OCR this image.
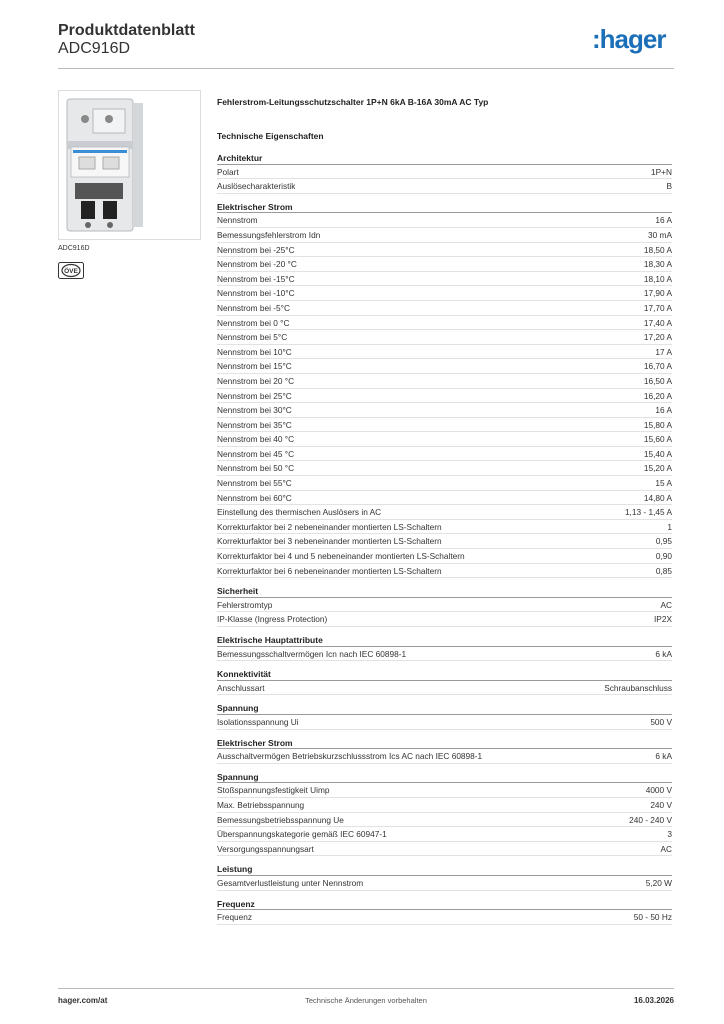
Produktdatenblatt
ADC916D	:hager
ADC916D
ÖVE
Fehlerstrom-Leitungsschutzschalter 1P+N 6kA B-16A 30mA AC Typ
Technische Eigenschaften
Architektur
Polart	1P+N
Auslösecharakteristik	B
Elektrischer Strom
Nennstrom	16 A
Bemessungsfehlerstrom Idn	30 mA
Nennstrom bei -25°C	18,50 A
Nennstrom bei -20 °C	18,30 A
Nennstrom bei -15°C	18,10 A
Nennstrom bei -10°C	17,90 A
Nennstrom bei -5°C	17,70 A
Nennstrom bei 0 °C	17,40 A
Nennstrom bei 5°C	17,20 A
Nennstrom bei 10°C	17 A
Nennstrom bei 15°C	16,70 A
Nennstrom bei 20 °C	16,50 A
Nennstrom bei 25°C	16,20 A
Nennstrom bei 30°C	16 A
Nennstrom bei 35°C	15,80 A
Nennstrom bei 40 °C	15,60 A
Nennstrom bei 45 °C	15,40 A
Nennstrom bei 50 °C	15,20 A
Nennstrom bei 55°C	15 A
Nennstrom bei 60°C	14,80 A
Einstellung des thermischen Auslösers in AC	1,13 - 1,45 A
Korrekturfaktor bei 2 nebeneinander montierten LS-Schaltern	1
Korrekturfaktor bei 3 nebeneinander montierten LS-Schaltern	0,95
Korrekturfaktor bei 4 und 5 nebeneinander montierten LS-Schaltern	0,90
Korrekturfaktor bei 6 nebeneinander montierten LS-Schaltern	0,85
Sicherheit
Fehlerstromtyp	AC
IP-Klasse (Ingress Protection)	IP2X
Elektrische Hauptattribute
Bemessungsschaltvermögen Icn nach IEC 60898-1	6 kA
Konnektivität
Anschlussart	Schraubanschluss
Spannung
Isolationsspannung Ui	500 V
Elektrischer Strom
Ausschaltvermögen Betriebskurzschlussstrom Ics AC nach IEC 60898-1	6 kA
Spannung
Stoßspannungsfestigkeit Uimp	4000 V
Max. Betriebsspannung	240 V
Bemessungsbetriebsspannung Ue	240 - 240 V
Überspannungskategorie gemäß IEC 60947-1	3
Versorgungsspannungsart	AC
Leistung
Gesamtverlustleistung unter Nennstrom	5,20 W
Frequenz
Frequenz	50 - 50 Hz
hager.com/at	Technische Änderungen vorbehalten	16.03.2026
